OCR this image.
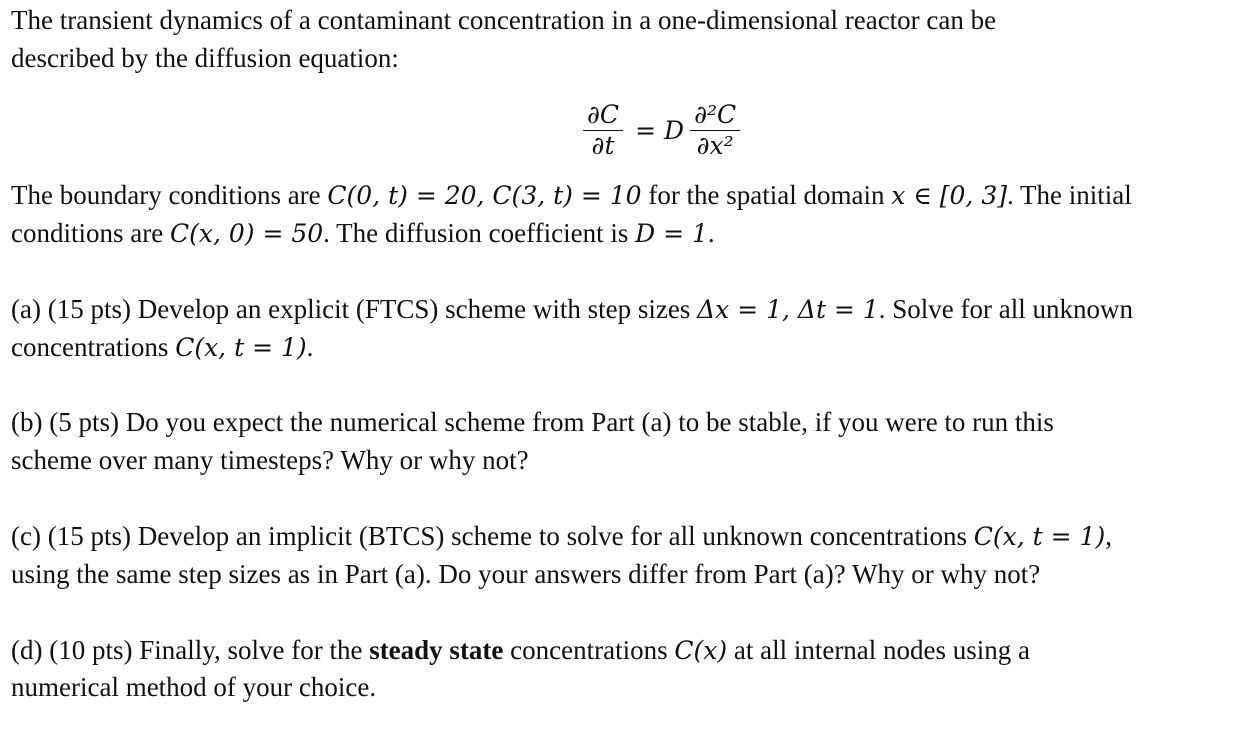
The transient dynamics of a contaminant concentration in a one-dimensional reactor can be
described by the diffusion equation:
$\frac{\partial C}{\partial t} = D \frac{\text{∂²C}}{\text{∂x²}}$
The boundary conditions are C(0, t) = 20, C(3, t) = 10 for the spatial domain x ∈ [0, 3]. The initial
conditions are C(x, 0) = 50. The diffusion coefficient is D = 1.
(a) (15 pts) Develop an explicit (FTCS) scheme with step sizes Δx = 1, Δt = 1. Solve for all unknown
concentrations C(x, t = 1).
(b) (5 pts) Do you expect the numerical scheme from Part (a) to be stable, if you were to run this
scheme over many timesteps? Why or why not?
(c) (15 pts) Develop an implicit (BTCS) scheme to solve for all unknown concentrations C(x, t = 1),
using the same step sizes as in Part (a). Do your answers differ from Part (a)? Why or why not?
(d) (10 pts) Finally, solve for the steady state concentrations C(x) at all internal nodes using a
numerical method of your choice.
